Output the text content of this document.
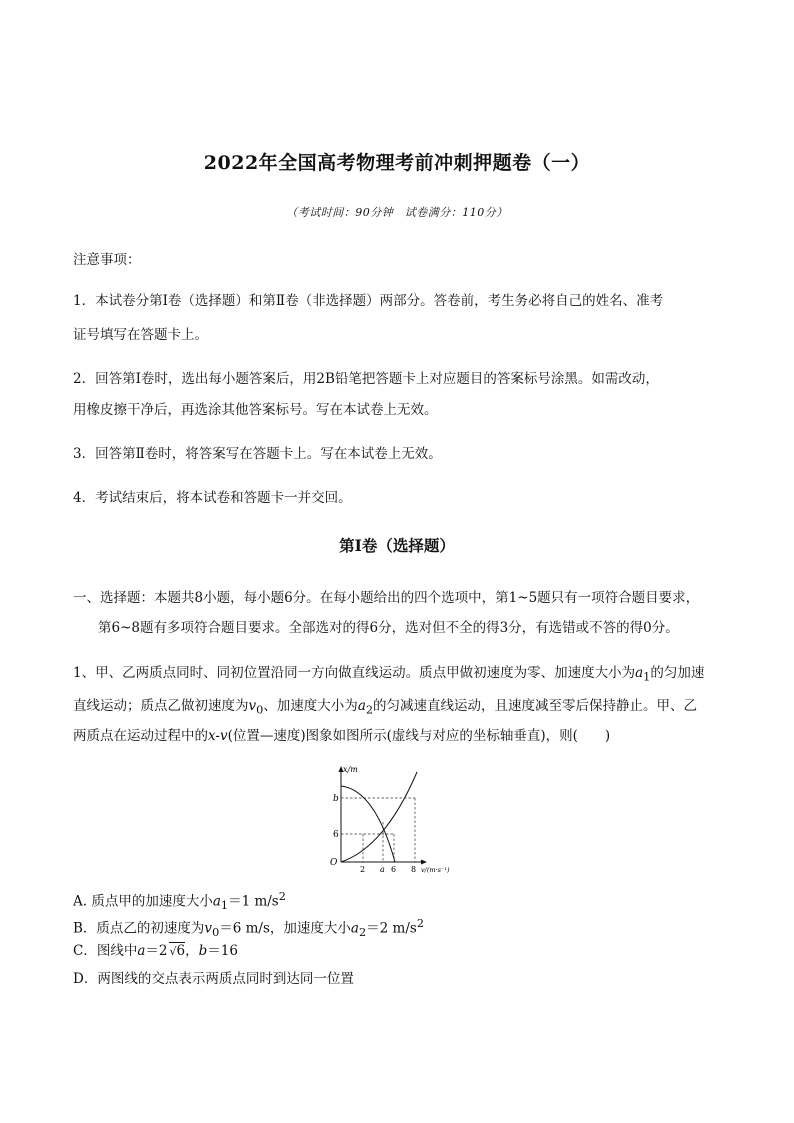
2022年全国高考物理考前冲刺押题卷（一）
（考试时间：90分钟　试卷满分：110分）
注意事项：
1．本试卷分第Ⅰ卷（选择题）和第Ⅱ卷（非选择题）两部分。答卷前，考生务必将自己的姓名、准考
证号填写在答题卡上。
2．回答第Ⅰ卷时，选出每小题答案后，用2B铅笔把答题卡上对应题目的答案标号涂黑。如需改动，
用橡皮擦干净后，再选涂其他答案标号。写在本试卷上无效。
3．回答第Ⅱ卷时，将答案写在答题卡上。写在本试卷上无效。
4．考试结束后，将本试卷和答题卡一并交回。
第Ⅰ卷（选择题）
一、选择题：本题共8小题，每小题6分。在每小题给出的四个选项中，第1~5题只有一项符合题目要求，
第6~8题有多项符合题目要求。全部选对的得6分，选对但不全的得3分，有选错或不答的得0分。
1、甲、乙两质点同时、同初位置沿同一方向做直线运动。质点甲做初速度为零、加速度大小为$a_1$的匀加速
直线运动；质点乙做初速度为$v_0$、加速度大小为$a_2$的匀减速直线运动，且速度减至零后保持静止。甲、乙
两质点在运动过程中的x-v(位置—速度)图象如图所示(虚线与对应的坐标轴垂直)，则(　　)
x/m
b
6
O
2 a 6 8 v/(m·s⁻¹)
A. 质点甲的加速度大小$a_1=1$ $m/s^2$
B．质点乙的初速度为$v_0=6$ m/s，加速度大小$a_2=2$ $m/s^2$
C．图线中a＝2 √6，b＝16
D．两图线的交点表示两质点同时到达同一位置
